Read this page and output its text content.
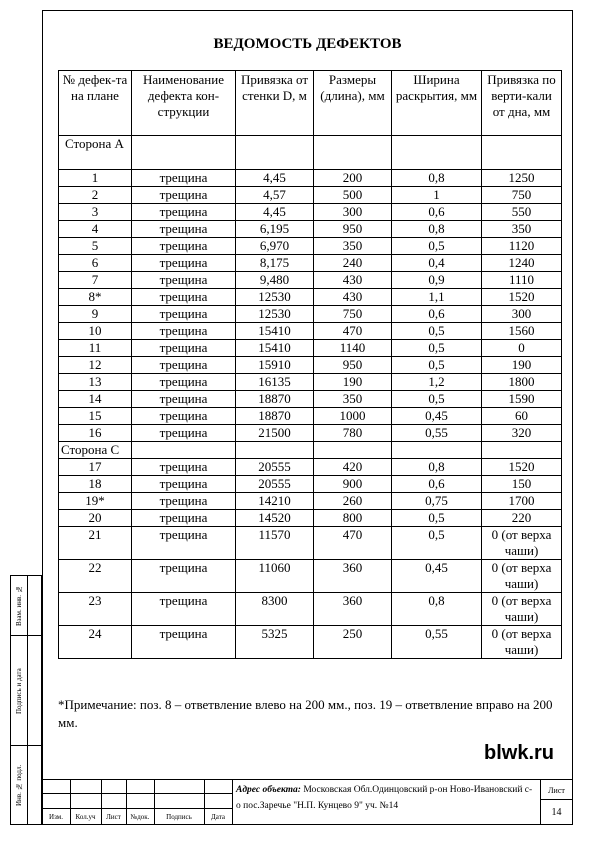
Взам. инв. №
Подпись и дата
Инв. № подл.
ВЕДОМОСТЬ ДЕФЕКТОВ
№ дефек-та на плане	Наименование дефекта кон-струкции	Привязка от стенки D, м	Размеры (длина), мм	Ширина раскрытия, мм	Привязка по верти-кали от дна, мм
Сторона А					
1	трещина	4,45	200	0,8	1250
2	трещина	4,57	500	1	750
3	трещина	4,45	300	0,6	550
4	трещина	6,195	950	0,8	350
5	трещина	6,970	350	0,5	1120
6	трещина	8,175	240	0,4	1240
7	трещина	9,480	430	0,9	1110
8*	трещина	12530	430	1,1	1520
9	трещина	12530	750	0,6	300
10	трещина	15410	470	0,5	1560
11	трещина	15410	1140	0,5	0
12	трещина	15910	950	0,5	190
13	трещина	16135	190	1,2	1800
14	трещина	18870	350	0,5	1590
15	трещина	18870	1000	0,45	60
16	трещина	21500	780	0,55	320
Сторона С					
17	трещина	20555	420	0,8	1520
18	трещина	20555	900	0,6	150
19*	трещина	14210	260	0,75	1700
20	трещина	14520	800	0,5	220
21	трещина	11570	470	0,5	0 (от верха чаши)
22	трещина	11060	360	0,45	0 (от верха чаши)
23	трещина	8300	360	0,8	0 (от верха чаши)
24	трещина	5325	250	0,55	0 (от верха чаши)
*Примечание: поз. 8 – ответвление влево на 200 мм., поз. 19 – ответвление вправо на 200 мм.
blwk.ru
Изм.	Кол.уч	Лист	№док.	Подпись	Дата
Адрес объекта: Московская Обл.Одинцовский р-он Ново-Ивановский с-о пос.Заречье "Н.П. Кунцево 9" уч. №14
Лист
14
